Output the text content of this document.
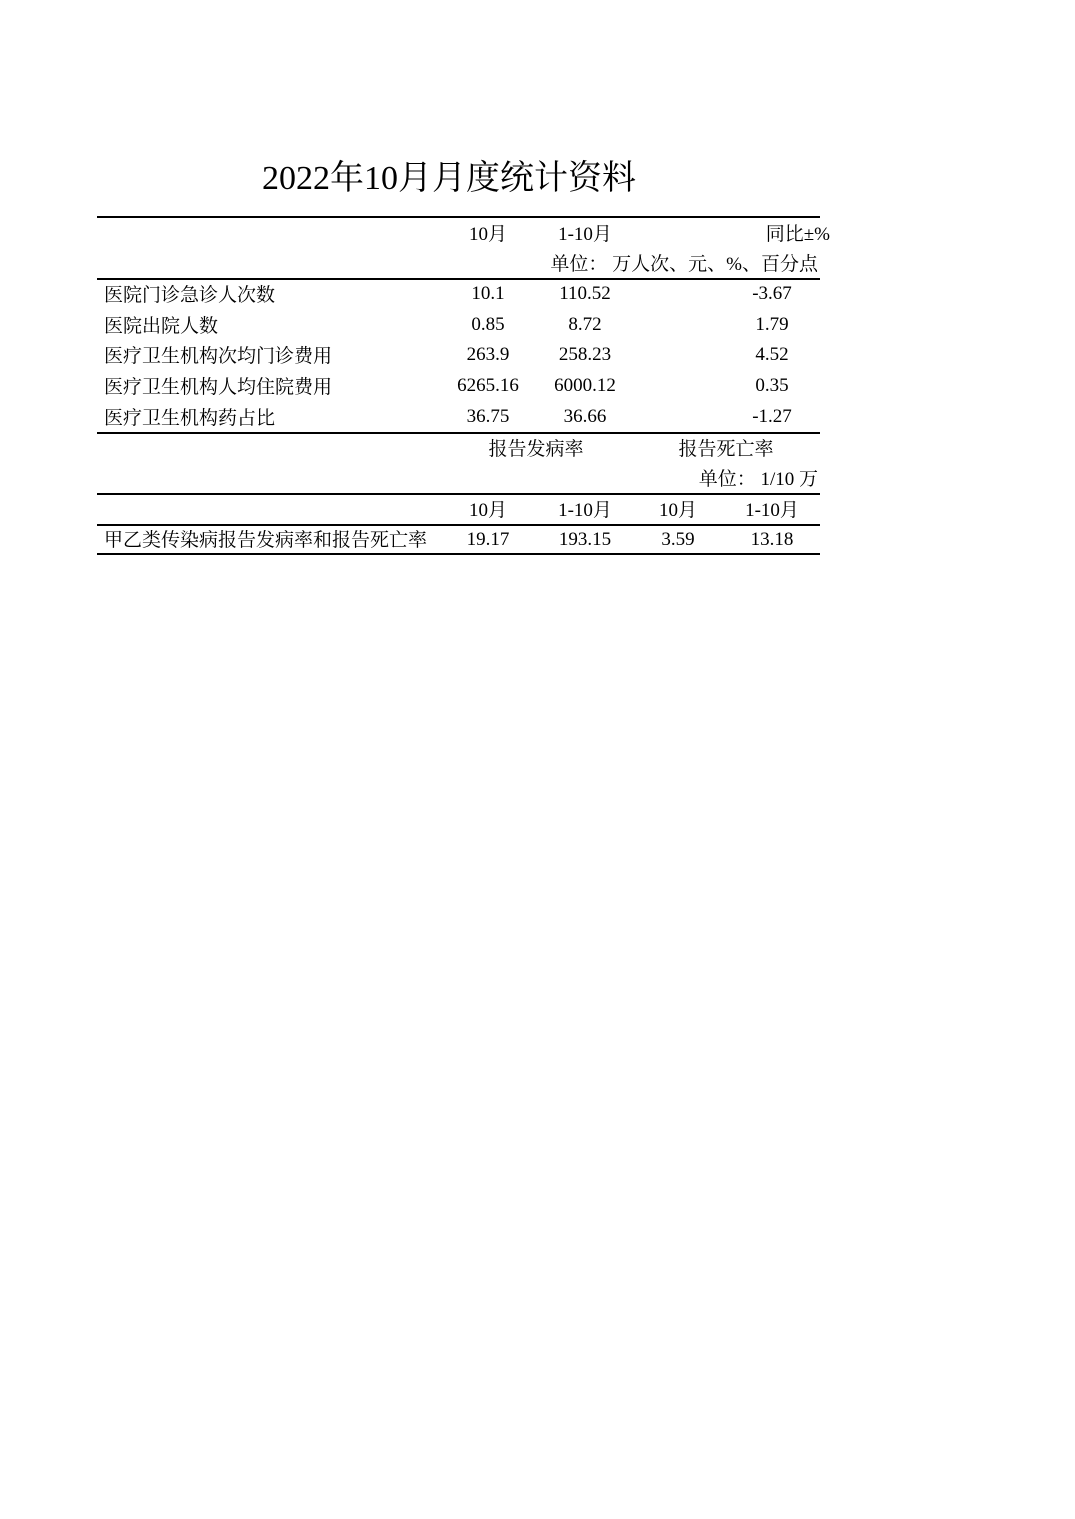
2022年10月月度统计资料
10月	1-10月	同比±%
单位： 万人次、元、%、百分点
医院门诊急诊人次数	10.1	110.52	-3.67
医院出院人数	0.85	8.72	1.79
医疗卫生机构次均门诊费用	263.9	258.23	4.52
医疗卫生机构人均住院费用	6265.16	6000.12	0.35
医疗卫生机构药占比	36.75	36.66	-1.27
报告发病率	报告死亡率
单位： 1/10 万
10月	1-10月	10月	1-10月
甲乙类传染病报告发病率和报告死亡率	19.17	193.15	3.59	13.18
